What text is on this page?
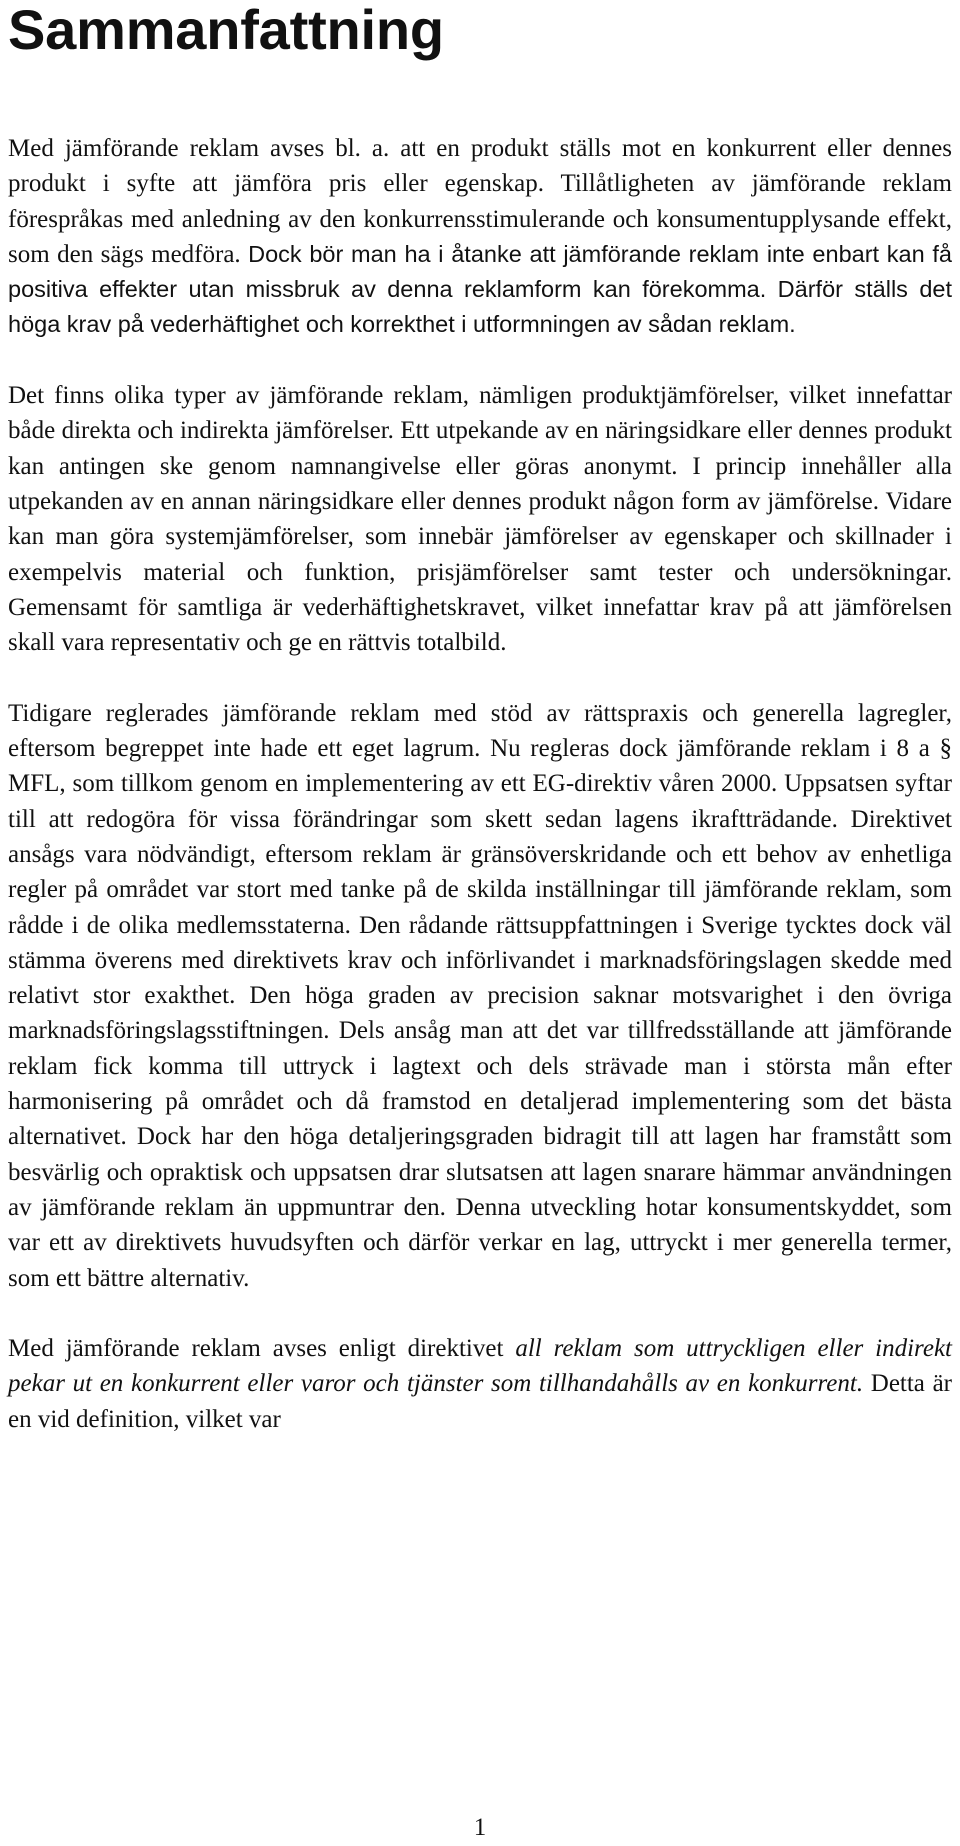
Sammanfattning

Med jämförande reklam avses bl. a. att en produkt ställs mot en konkurrent eller dennes produkt i syfte att jämföra pris eller egenskap. Tillåtligheten av jämförande reklam förespråkas med anledning av den konkurrensstimulerande och konsumentupplysande effekt, som den sägs medföra. Dock bör man ha i åtanke att jämförande reklam inte enbart kan få positiva effekter utan missbruk av denna reklamform kan förekomma. Därför ställs det höga krav på vederhäftighet och korrekthet i utformningen av sådan reklam.

Det finns olika typer av jämförande reklam, nämligen produktjämförelser, vilket innefattar både direkta och indirekta jämförelser. Ett utpekande av en näringsidkare eller dennes produkt kan antingen ske genom namnangivelse eller göras anonymt. I princip innehåller alla utpekanden av en annan näringsidkare eller dennes produkt någon form av jämförelse. Vidare kan man göra systemjämförelser, som innebär jämförelser av egenskaper och skillnader i exempelvis material och funktion, prisjämförelser samt tester och undersökningar. Gemensamt för samtliga är vederhäftighetskravet, vilket innefattar krav på att jämförelsen skall vara representativ och ge en rättvis totalbild.

Tidigare reglerades jämförande reklam med stöd av rättspraxis och generella lagregler, eftersom begreppet inte hade ett eget lagrum. Nu regleras dock jämförande reklam i 8 a § MFL, som tillkom genom en implementering av ett EG-direktiv våren 2000. Uppsatsen syftar till att redogöra för vissa förändringar som skett sedan lagens ikraftträdande. Direktivet ansågs vara nödvändigt, eftersom reklam är gränsöverskridande och ett behov av enhetliga regler på området var stort med tanke på de skilda inställningar till jämförande reklam, som rådde i de olika medlemsstaterna. Den rådande rättsuppfattningen i Sverige tycktes dock väl stämma överens med direktivets krav och införlivandet i marknadsföringslagen skedde med relativt stor exakthet. Den höga graden av precision saknar motsvarighet i den övriga marknadsföringslagsstiftningen. Dels ansåg man att det var tillfredsställande att jämförande reklam fick komma till uttryck i lagtext och dels strävade man i största mån efter harmonisering på området och då framstod en detaljerad implementering som det bästa alternativet. Dock har den höga detaljeringsgraden bidragit till att lagen har framstått som besvärlig och opraktisk och uppsatsen drar slutsatsen att lagen snarare hämmar användningen av jämförande reklam än uppmuntrar den. Denna utveckling hotar konsumentskyddet, som var ett av direktivets huvudsyften och därför verkar en lag, uttryckt i mer generella termer, som ett bättre alternativ.

Med jämförande reklam avses enligt direktivet all reklam som uttryckligen eller indirekt pekar ut en konkurrent eller varor och tjänster som tillhandahålls av en konkurrent. Detta är en vid definition, vilket var

1
